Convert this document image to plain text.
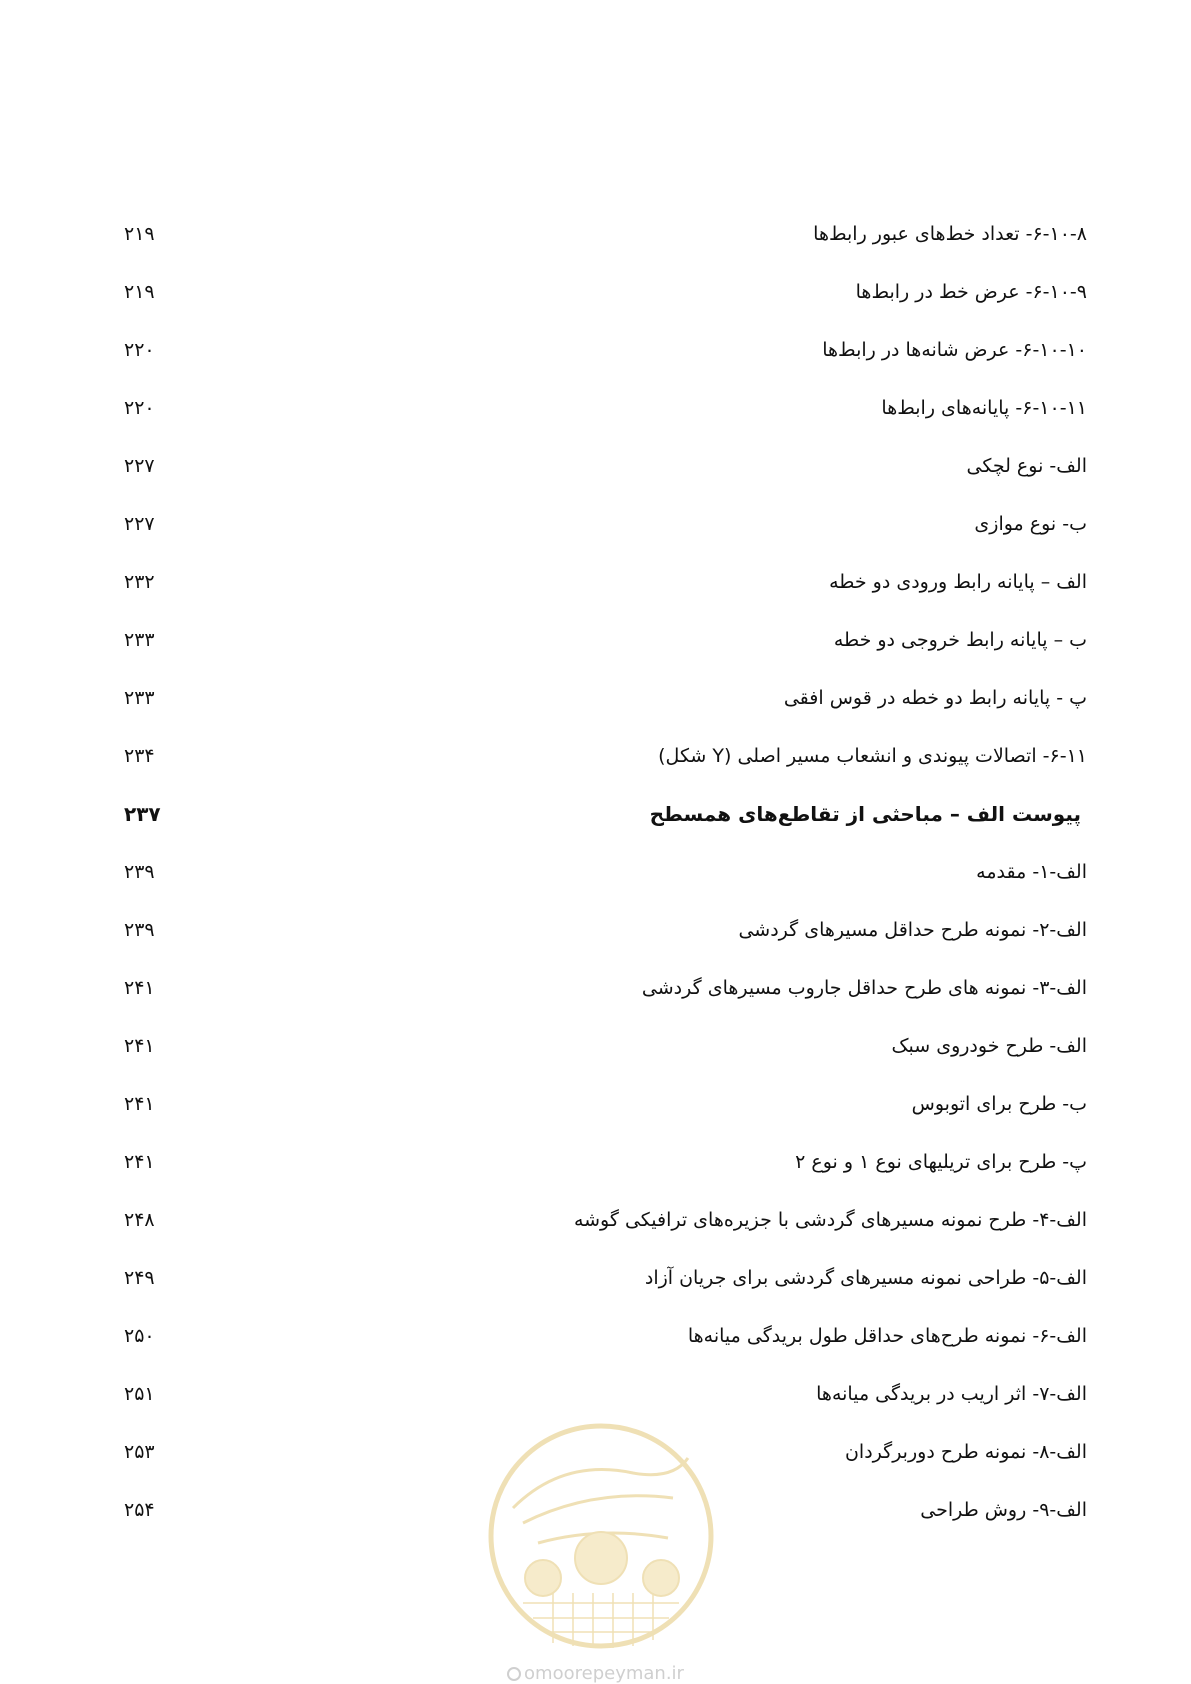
۶-۱۰-۸- تعداد خط‌های عبور رابط‌ها
۲۱۹
۶-۱۰-۹- عرض خط در رابط‌ها
۲۱۹
۶-۱۰-۱۰- عرض شانه‌ها در رابط‌ها
۲۲۰
۶-۱۰-۱۱- پایانه‌های رابط‌ها
۲۲۰
الف- نوع لچکی
۲۲۷
ب- نوع موازی
۲۲۷
الف – پایانه رابط ورودی دو خطه
۲۳۲
ب – پایانه رابط خروجی دو خطه
۲۳۳
پ - پایانه رابط دو خطه در قوس افقی
۲۳۳
۶-۱۱- اتصالات پیوندی و انشعاب مسیر اصلی (Y شکل)
۲۳۴
پیوست الف – مباحثی از تقاطع‌های همسطح
۲۳۷
الف-۱- مقدمه
۲۳۹
الف-۲- نمونه طرح حداقل مسیرهای گردشی
۲۳۹
الف-۳- نمونه های طرح حداقل جاروب مسیرهای گردشی
۲۴۱
الف- طرح خودروی سبک
۲۴۱
ب- طرح برای اتوبوس
۲۴۱
پ- طرح برای تریلیهای نوع ۱ و نوع ۲
۲۴۱
الف-۴- طرح نمونه مسیرهای گردشی با جزیره‌های ترافیکی گوشه
۲۴۸
الف-۵- طراحی نمونه مسیرهای گردشی برای جریان آزاد
۲۴۹
الف-۶- نمونه طرح‌های حداقل طول بریدگی میانه‌ها
۲۵۰
الف-۷- اثر اریب در بریدگی میانه‌ها
۲۵۱
الف-۸- نمونه طرح دوربرگردان
۲۵۳
الف-۹- روش طراحی
۲۵۴
omoorepeyman.ir
